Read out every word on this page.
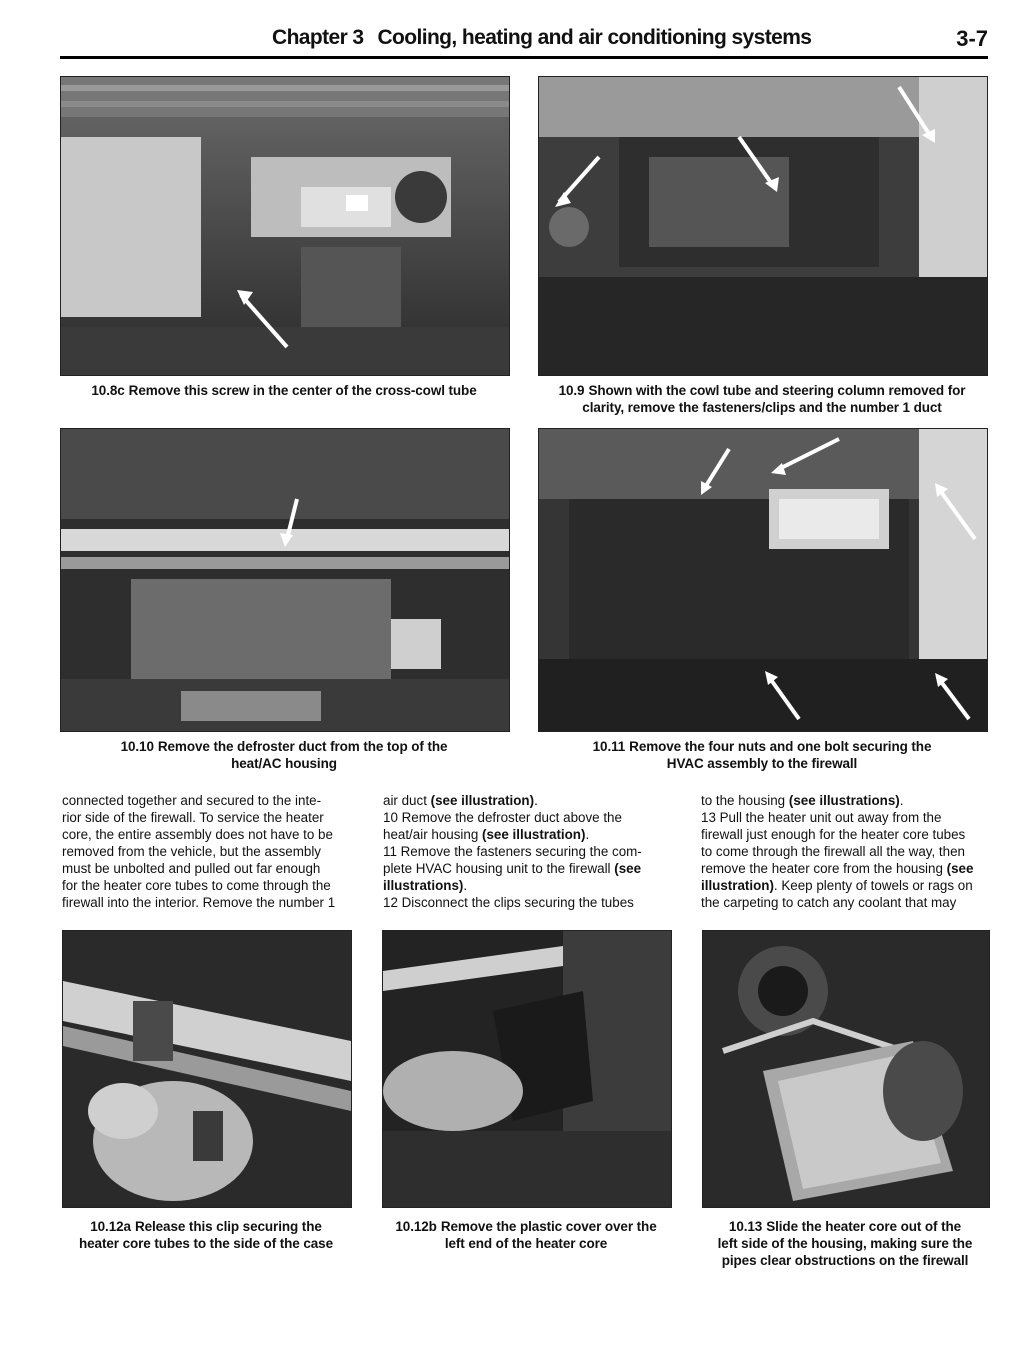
Chapter 3 Cooling, heating and air conditioning systems	3-7
10.8c Remove this screw in the center of the cross-cowl tube	10.9 Shown with the cowl tube and steering column removed for
clarity, remove the fasteners/clips and the number 1 duct
10.10 Remove the defroster duct from the top of the
heat/AC housing
10.11 Remove the four nuts and one bolt securing the
HVAC assembly to the firewall

connected together and secured to the inte-

rior side of the firewall. To service the heater

core, the entire assembly does not have to be

removed from the vehicle, but the assembly

must be unbolted and pulled out far enough

for the heater core tubes to come through the

firewall into the interior. Remove the number 1

air duct (see illustration).

10 Remove the defroster duct above the

heat/air housing (see illustration).

11 Remove the fasteners securing the com-

plete HVAC housing unit to the firewall (see

illustrations).

12 Disconnect the clips securing the tubes

to the housing (see illustrations).

13 Pull the heater unit out away from the

firewall just enough for the heater core tubes

to come through the firewall all the way, then

remove the heater core from the housing (see

illustration). Keep plenty of towels or rags on

the carpeting to catch any coolant that may

10.12a Release this clip securing the
heater core tubes to the side of the case
10.12b Remove the plastic cover over the
left end of the heater core
10.13 Slide the heater core out of the
left side of the housing, making sure the
pipes clear obstructions on the firewall
